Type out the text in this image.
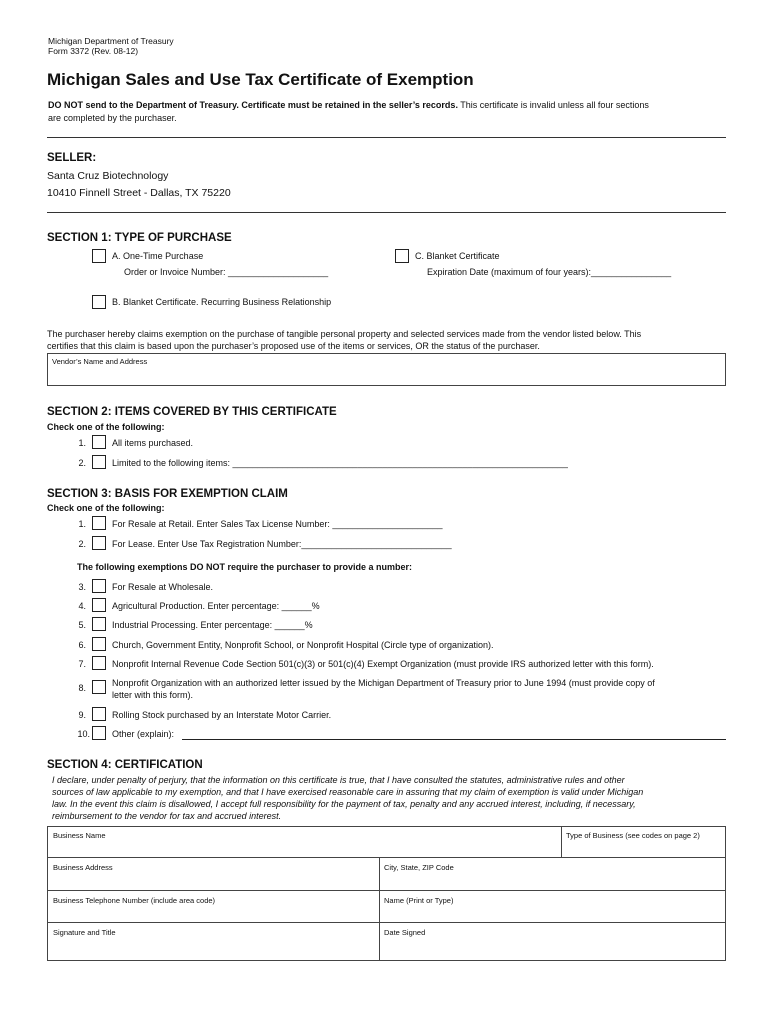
Michigan Department of Treasury
Form 3372 (Rev. 08-12)
Michigan Sales and Use Tax Certificate of Exemption
DO NOT send to the Department of Treasury. Certificate must be retained in the seller’s records. This certificate is invalid unless all four sections
are completed by the purchaser.
SELLER:
Santa Cruz Biotechnology
10410 Finnell Street - Dallas, TX 75220
SECTION 1: TYPE OF PURCHASE
A. One-Time Purchase
Order or Invoice Number: ____________________
C. Blanket Certificate
Expiration Date (maximum of four years):________________
B. Blanket Certificate. Recurring Business Relationship
The purchaser hereby claims exemption on the purchase of tangible personal property and selected services made from the vendor listed below. This
certifies that this claim is based upon the purchaser’s proposed use of the items or services, OR the status of the purchaser.
Vendor’s Name and Address
SECTION 2: ITEMS COVERED BY THIS CERTIFICATE
Check one of the following:
1.	All items purchased.
2.	Limited to the following items: ___________________________________________________________________
SECTION 3: BASIS FOR EXEMPTION CLAIM
Check one of the following:
1.	For Resale at Retail. Enter Sales Tax License Number: ______________________
2.	For Lease. Enter Use Tax Registration Number:______________________________
The following exemptions DO NOT require the purchaser to provide a number:
3.	For Resale at Wholesale.
4.	Agricultural Production. Enter percentage: ______%
5.	Industrial Processing. Enter percentage: ______%
6.	Church, Government Entity, Nonprofit School, or Nonprofit Hospital (Circle type of organization).
7.	Nonprofit Internal Revenue Code Section 501(c)(3) or 501(c)(4) Exempt Organization (must provide IRS authorized letter with this form).
8.	Nonprofit Organization with an authorized letter issued by the Michigan Department of Treasury prior to June 1994 (must provide copy of
letter with this form).
9.	Rolling Stock purchased by an Interstate Motor Carrier.
10. Other (explain):
SECTION 4: CERTIFICATION
I declare, under penalty of perjury, that the information on this certificate is true, that I have consulted the statutes, administrative rules and other
sources of law applicable to my exemption, and that I have exercised reasonable care in assuring that my claim of exemption is valid under Michigan
law. In the event this claim is disallowed, I accept full responsibility for the payment of tax, penalty and any accrued interest, including, if necessary,
reimbursement to the vendor for tax and accrued interest.
Business Name	Type of Business (see codes on page 2)
Business Address	City, State, ZIP Code
Business Telephone Number (include area code)	Name (Print or Type)
Signature and Title	Date Signed
